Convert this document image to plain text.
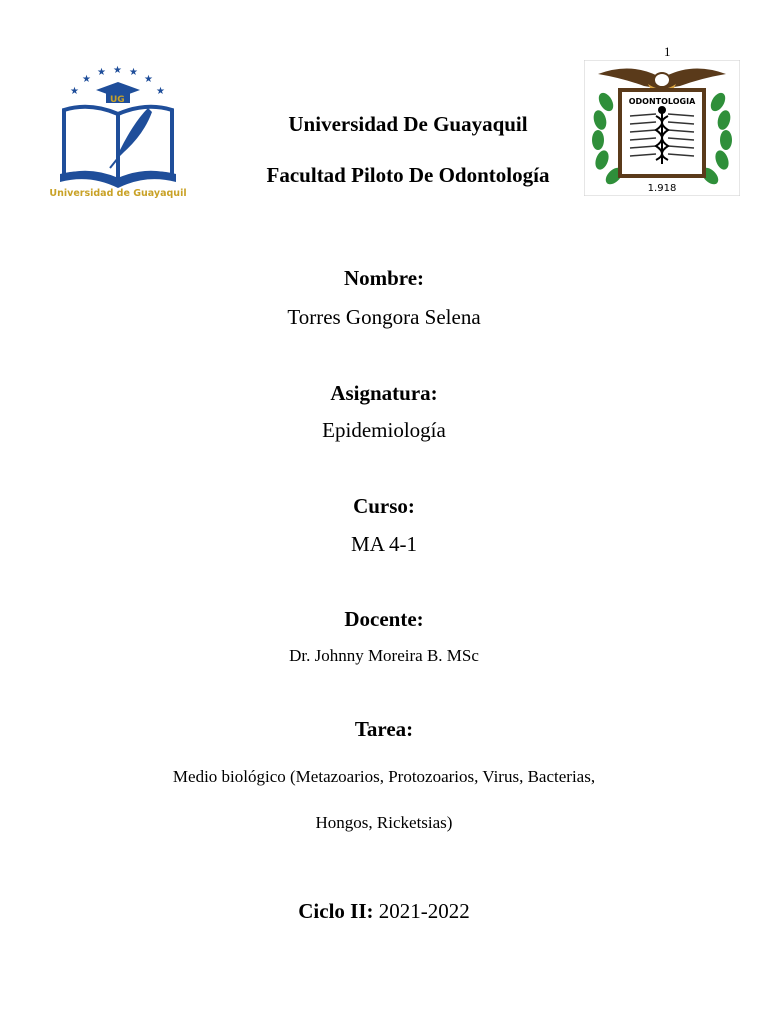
1
★
★
★ ★ ★
★
★
UG
Universidad de Guayaquil
ODONTOLOGIA
1.918
Universidad De Guayaquil
Facultad Piloto De Odontología
Nombre:
Torres Gongora Selena
Asignatura:
Epidemiología
Curso:
MA 4-1
Docente:
Dr. Johnny Moreira B. MSc
Tarea:
Medio biológico (Metazoarios, Protozoarios, Virus, Bacterias,
Hongos, Ricketsias)
Ciclo II: 2021-2022
